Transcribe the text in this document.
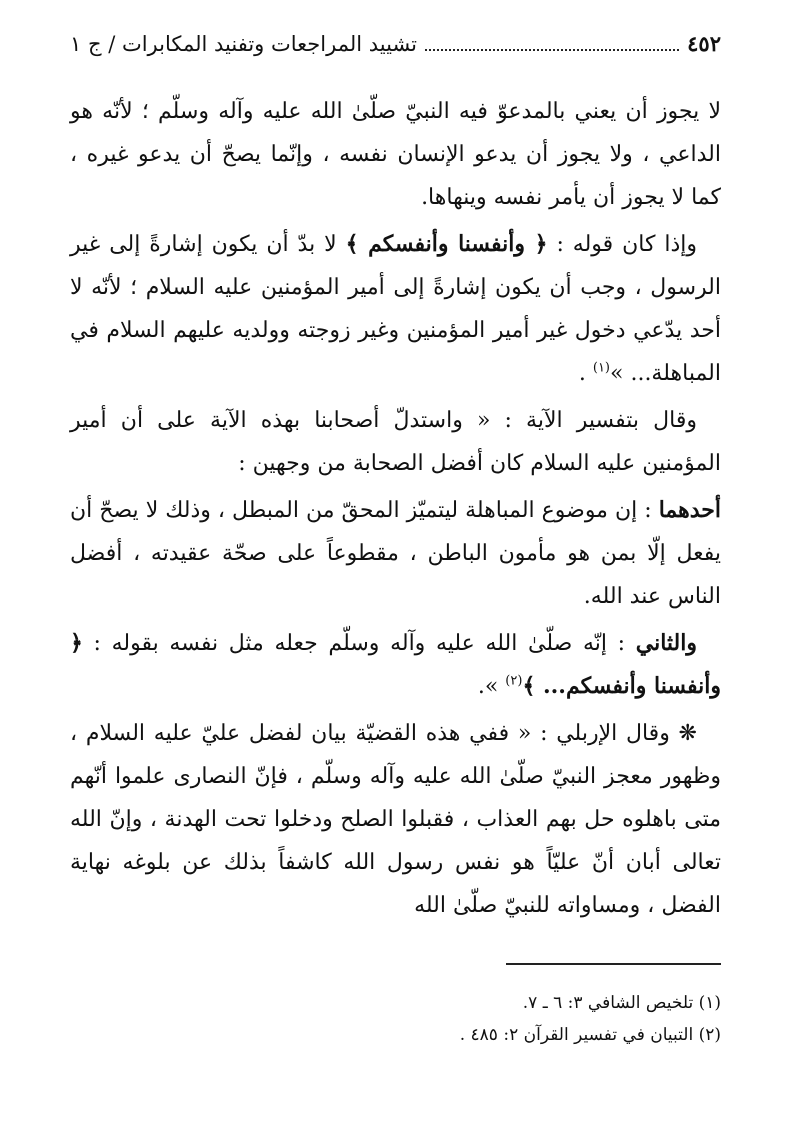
٤٥٢
تشييد المراجعات وتفنيد المكابرات / ج ١

لا يجوز أن يعني بالمدعوّ فيه النبيّ صلّىٰ الله عليه وآله وسلّم ؛ لأنّه هو الداعي ، ولا يجوز أن يدعو الإنسان نفسه ، وإنّما يصحّ أن يدعو غيره ، كما لا يجوز أن يأمر نفسه وينهاها.

وإذا كان قوله : ﴿ وأنفسنا وأنفسكم ﴾ لا بدّ أن يكون إشارةً إلى غير الرسول ، وجب أن يكون إشارةً إلى أمير المؤمنين عليه السلام ؛ لأنّه لا أحد يدّعي دخول غير أمير المؤمنين وغير زوجته وولديه عليهم السلام في المباهلة... »$^{(١)}$ .

وقال بتفسير الآية : « واستدلّ أصحابنا بهذه الآية على أن أمير المؤمنين عليه السلام كان أفضل الصحابة من وجهين :

أحدهما : إن موضوع المباهلة ليتميّز المحقّ من المبطل ، وذلك لا يصحّ أن يفعل إلّا بمن هو مأمون الباطن ، مقطوعاً على صحّة عقيدته ، أفضل الناس عند الله.

والثاني : إنّه صلّىٰ الله عليه وآله وسلّم جعله مثل نفسه بقوله : ﴿ وأنفسنا وأنفسكم... ﴾$^{(٢)}$ ».

❋ وقال الإربلي : « ففي هذه القضيّة بيان لفضل عليّ عليه السلام ، وظهور معجز النبيّ صلّىٰ الله عليه وآله وسلّم ، فإنّ النصارى علموا أنّهم متى باهلوه حل بهم العذاب ، فقبلوا الصلح ودخلوا تحت الهدنة ، وإنّ الله تعالى أبان أنّ عليّاً هو نفس رسول الله كاشفاً بذلك عن بلوغه نهاية الفضل ، ومساواته للنبيّ صلّىٰ الله

(١) تلخيص الشافي ٣: ٦ ـ ٧.

(٢) التبيان في تفسير القرآن ٢: ٤٨٥ .
